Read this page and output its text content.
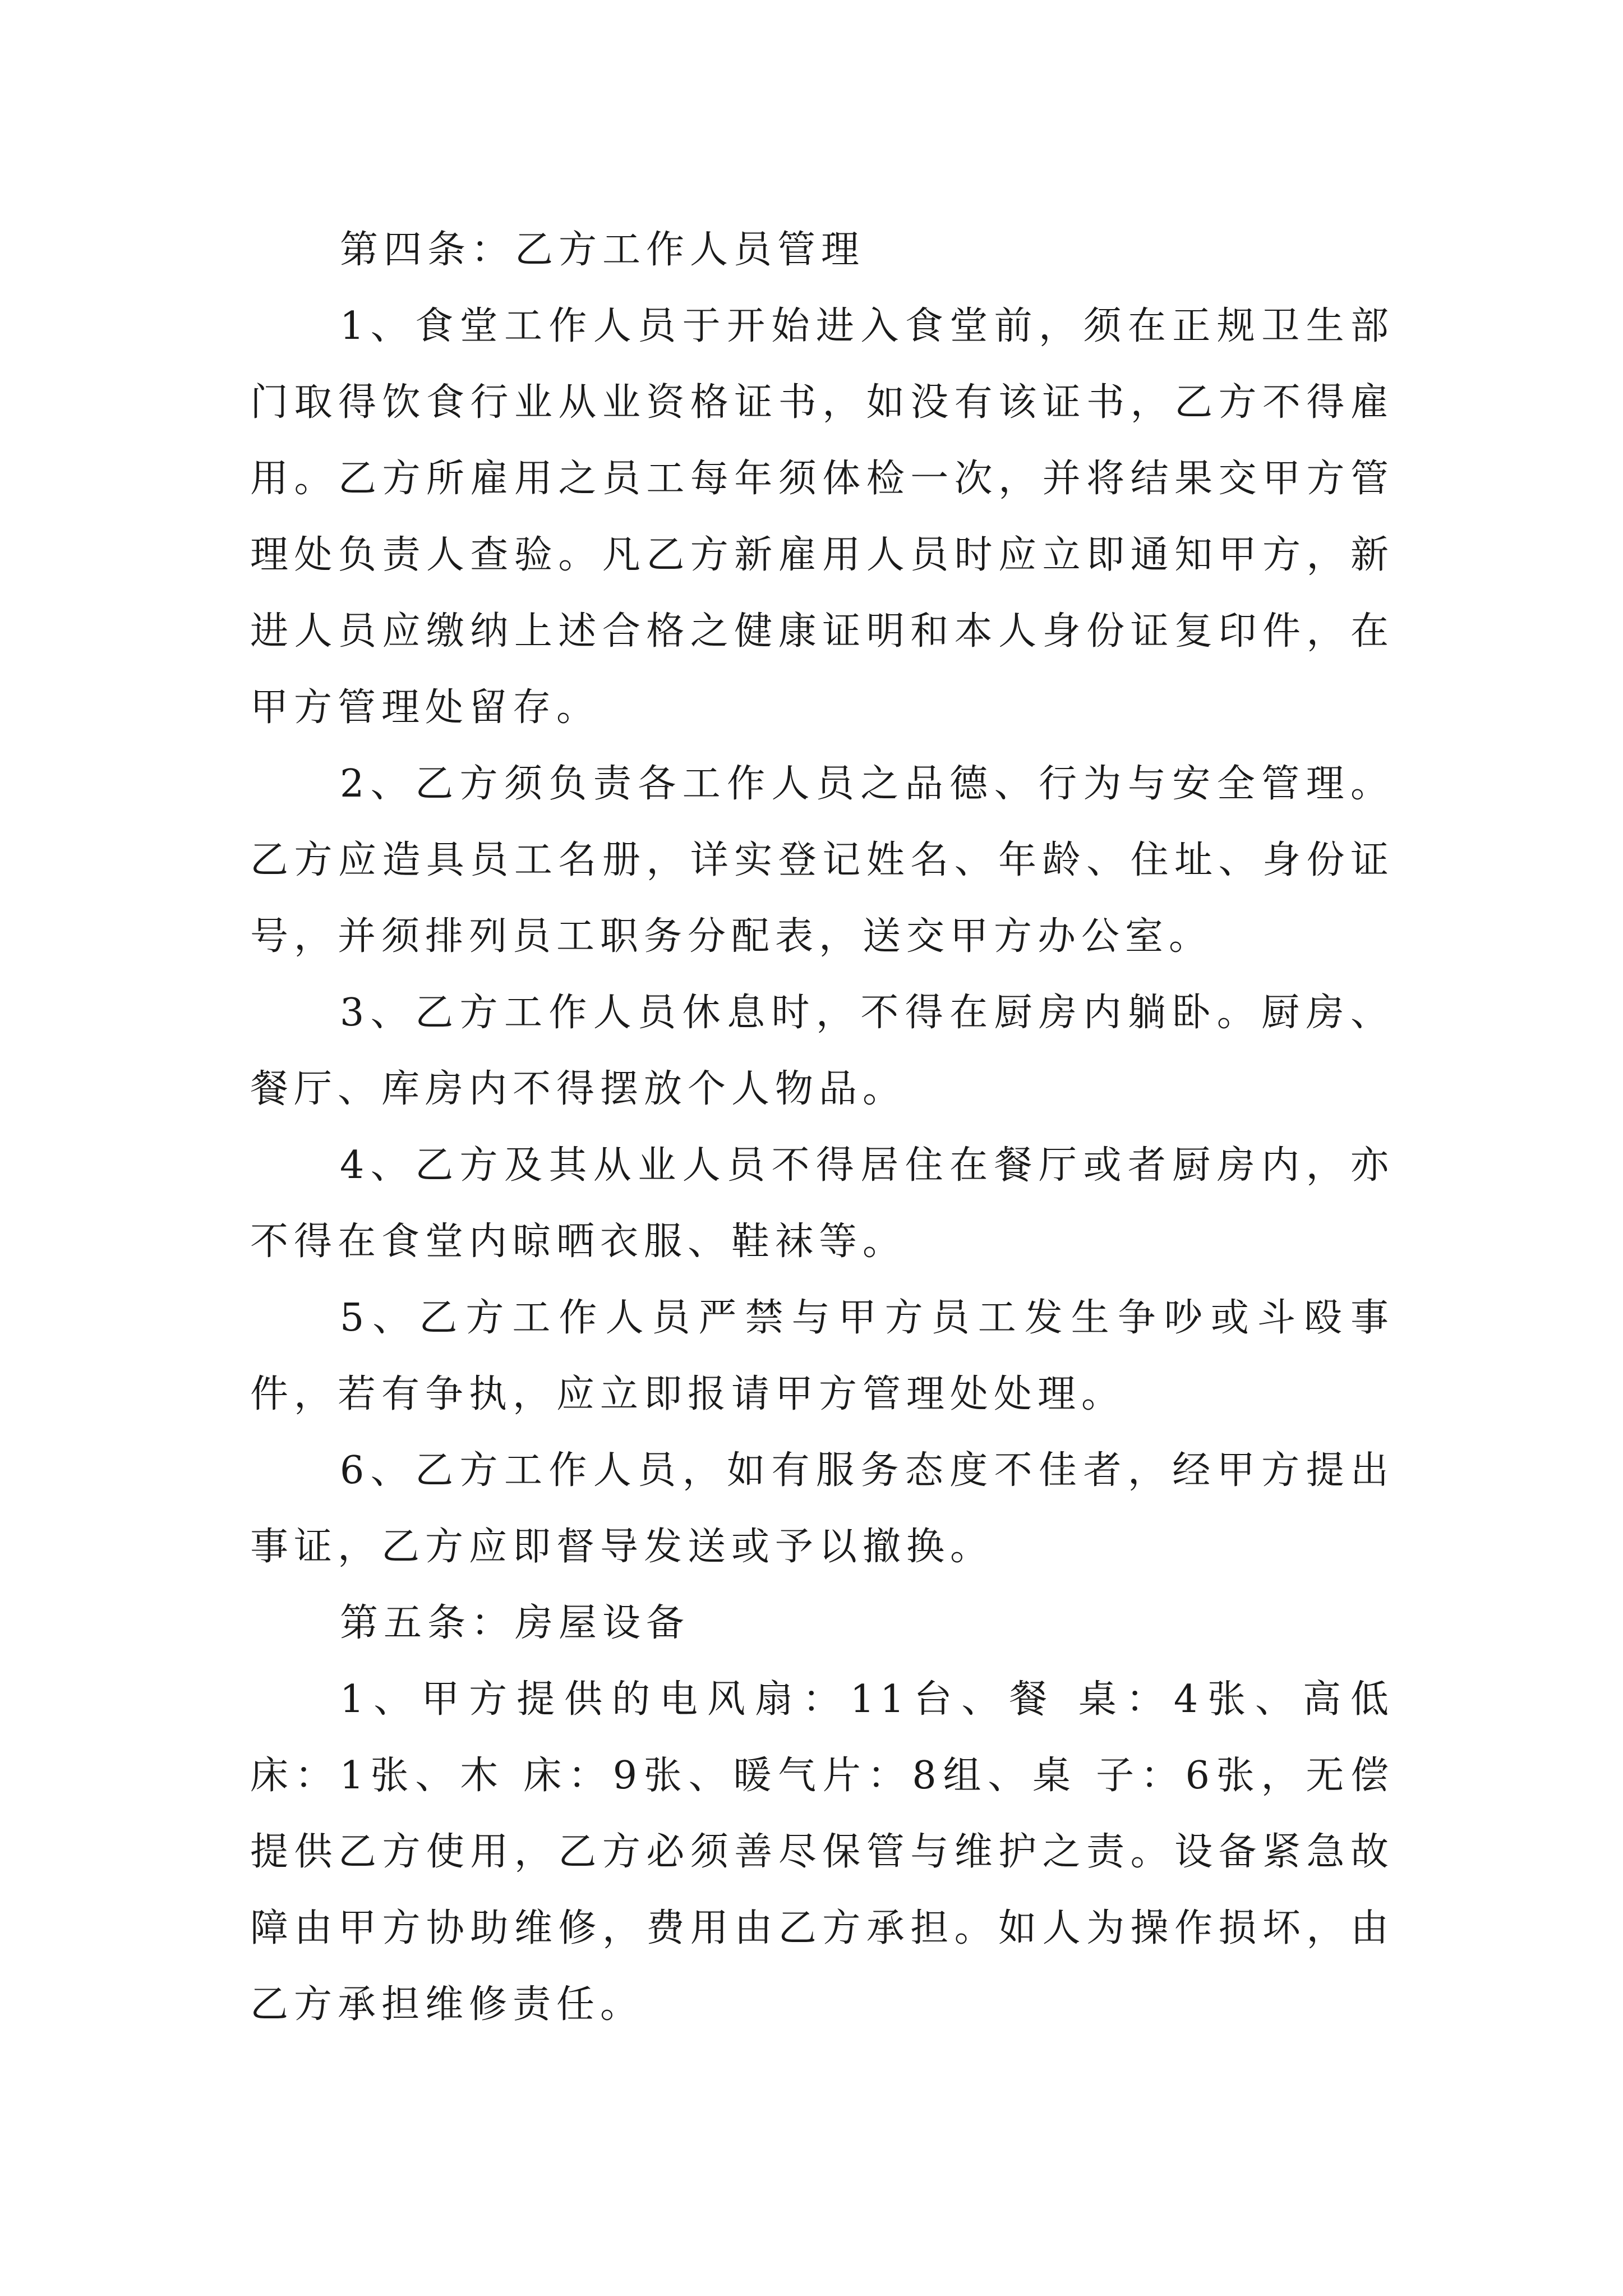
第四条：乙方工作人员管理

1、食堂工作人员于开始进入食堂前，须在正规卫生部门取得饮食行业从业资格证书，如没有该证书，乙方不得雇用。乙方所雇用之员工每年须体检一次，并将结果交甲方管理处负责人查验。凡乙方新雇用人员时应立即通知甲方，新进人员应缴纳上述合格之健康证明和本人身份证复印件，在甲方管理处留存。

2、乙方须负责各工作人员之品德、行为与安全管理。乙方应造具员工名册，详实登记姓名、年龄、住址、身份证号，并须排列员工职务分配表，送交甲方办公室。

3、乙方工作人员休息时，不得在厨房内躺卧。厨房、餐厅、库房内不得摆放个人物品。

4、乙方及其从业人员不得居住在餐厅或者厨房内，亦不得在食堂内晾晒衣服、鞋袜等。

5、乙方工作人员严禁与甲方员工发生争吵或斗殴事件，若有争执，应立即报请甲方管理处处理。

6、乙方工作人员，如有服务态度不佳者，经甲方提出事证，乙方应即督导发送或予以撤换。

第五条：房屋设备

1、甲方提供的电风扇：11台、餐 桌：4张、高低床：1张、木 床：9张、暖气片：8组、桌 子：6张，无偿提供乙方使用，乙方必须善尽保管与维护之责。设备紧急故障由甲方协助维修，费用由乙方承担。如人为操作损坏，由乙方承担维修责任。
